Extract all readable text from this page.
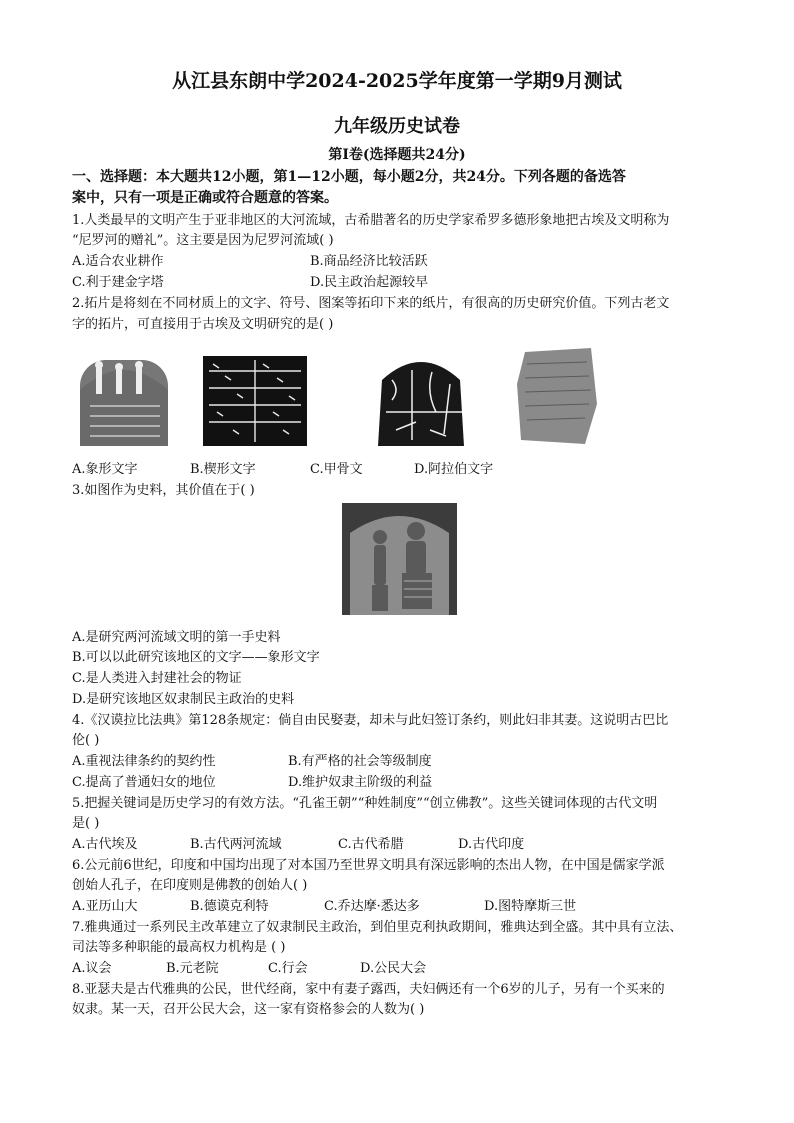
从江县东朗中学2024-2025学年度第一学期9月测试
九年级历史试卷
第Ⅰ卷(选择题共24分)
一、选择题：本大题共12小题，第1—12小题，每小题2分，共24分。下列各题的备选答
案中，只有一项是正确或符合题意的答案。
1.人类最早的文明产生于亚非地区的大河流域，古希腊著名的历史学家希罗多德形象地把古埃及文明称为
“尼罗河的赠礼”。这主要是因为尼罗河流域( )
A.适合农业耕作	B.商品经济比较活跃
C.利于建金字塔	D.民主政治起源较早
2.拓片是将刻在不同材质上的文字、符号、图案等拓印下来的纸片，有很高的历史研究价值。下列古老文
字的拓片，可直接用于古埃及文明研究的是( )
A.象形文字	B.楔形文字	C.甲骨文	D.阿拉伯文字
3.如图作为史料，其价值在于( )
A.是研究两河流域文明的第一手史料
B.可以以此研究该地区的文字——象形文字
C.是人类进入封建社会的物证
D.是研究该地区奴隶制民主政治的史料
4.《汉谟拉比法典》第128条规定：倘自由民娶妻，却未与此妇签订条约，则此妇非其妻。这说明古巴比
伦( )
A.重视法律条约的契约性	B.有严格的社会等级制度
C.提高了普通妇女的地位	D.维护奴隶主阶级的利益
5.把握关键词是历史学习的有效方法。“孔雀王朝”“种姓制度”“创立佛教”。这些关键词体现的古代文明
是( )
A.古代埃及	B.古代两河流域	C.古代希腊	D.古代印度
6.公元前6世纪，印度和中国均出现了对本国乃至世界文明具有深远影响的杰出人物，在中国是儒家学派
创始人孔子，在印度则是佛教的创始人( )
A.亚历山大	B.德谟克利特	C.乔达摩·悉达多	D.图特摩斯三世
7.雅典通过一系列民主改革建立了奴隶制民主政治，到伯里克利执政期间，雅典达到全盛。其中具有立法、
司法等多种职能的最高权力机构是 ( )
A.议会	B.元老院	C.行会	D.公民大会
8.亚瑟夫是古代雅典的公民，世代经商，家中有妻子露西，夫妇俩还有一个6岁的儿子，另有一个买来的
奴隶。某一天，召开公民大会，这一家有资格参会的人数为( )
